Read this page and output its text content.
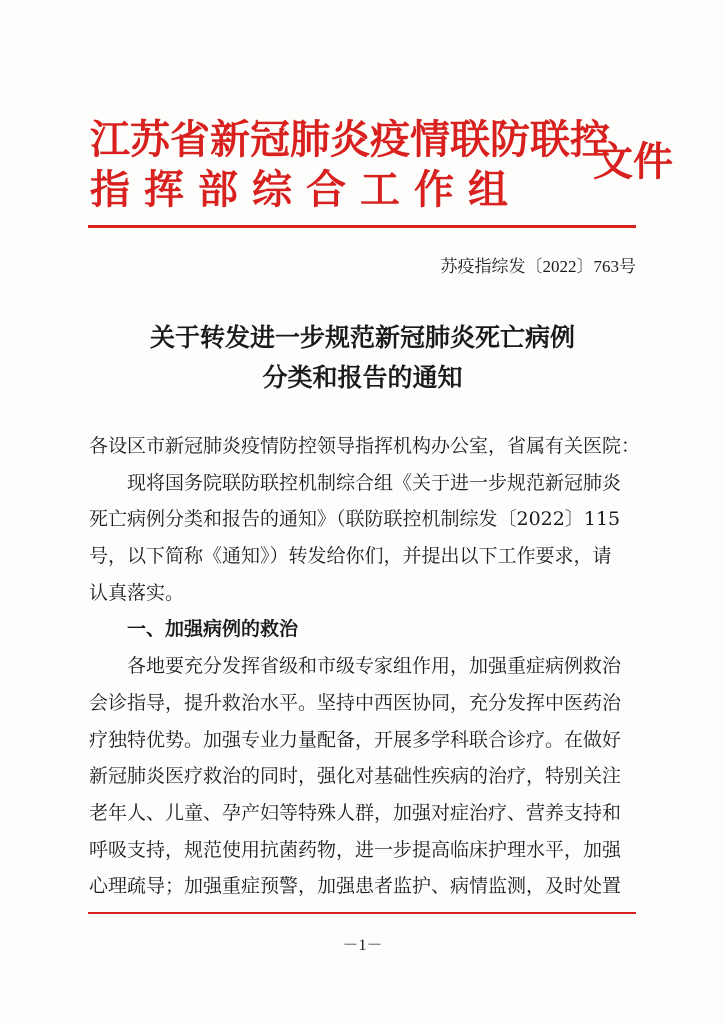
江苏省新冠肺炎疫情联防联控
指挥部综合工作组
文件
苏疫指综发〔2022〕763号
关于转发进一步规范新冠肺炎死亡病例
分类和报告的通知
各设区市新冠肺炎疫情防控领导指挥机构办公室，省属有关医院：
现将国务院联防联控机制综合组《关于进一步规范新冠肺炎
死亡病例分类和报告的通知》（联防联控机制综发〔2022〕115
号，以下简称《通知》）转发给你们，并提出以下工作要求，请
认真落实。
一、加强病例的救治
各地要充分发挥省级和市级专家组作用，加强重症病例救治
会诊指导，提升救治水平。坚持中西医协同，充分发挥中医药治
疗独特优势。加强专业力量配备，开展多学科联合诊疗。在做好
新冠肺炎医疗救治的同时，强化对基础性疾病的治疗，特别关注
老年人、儿童、孕产妇等特殊人群，加强对症治疗、营养支持和
呼吸支持，规范使用抗菌药物，进一步提高临床护理水平，加强
心理疏导；加强重症预警，加强患者监护、病情监测，及时处置
－1－
